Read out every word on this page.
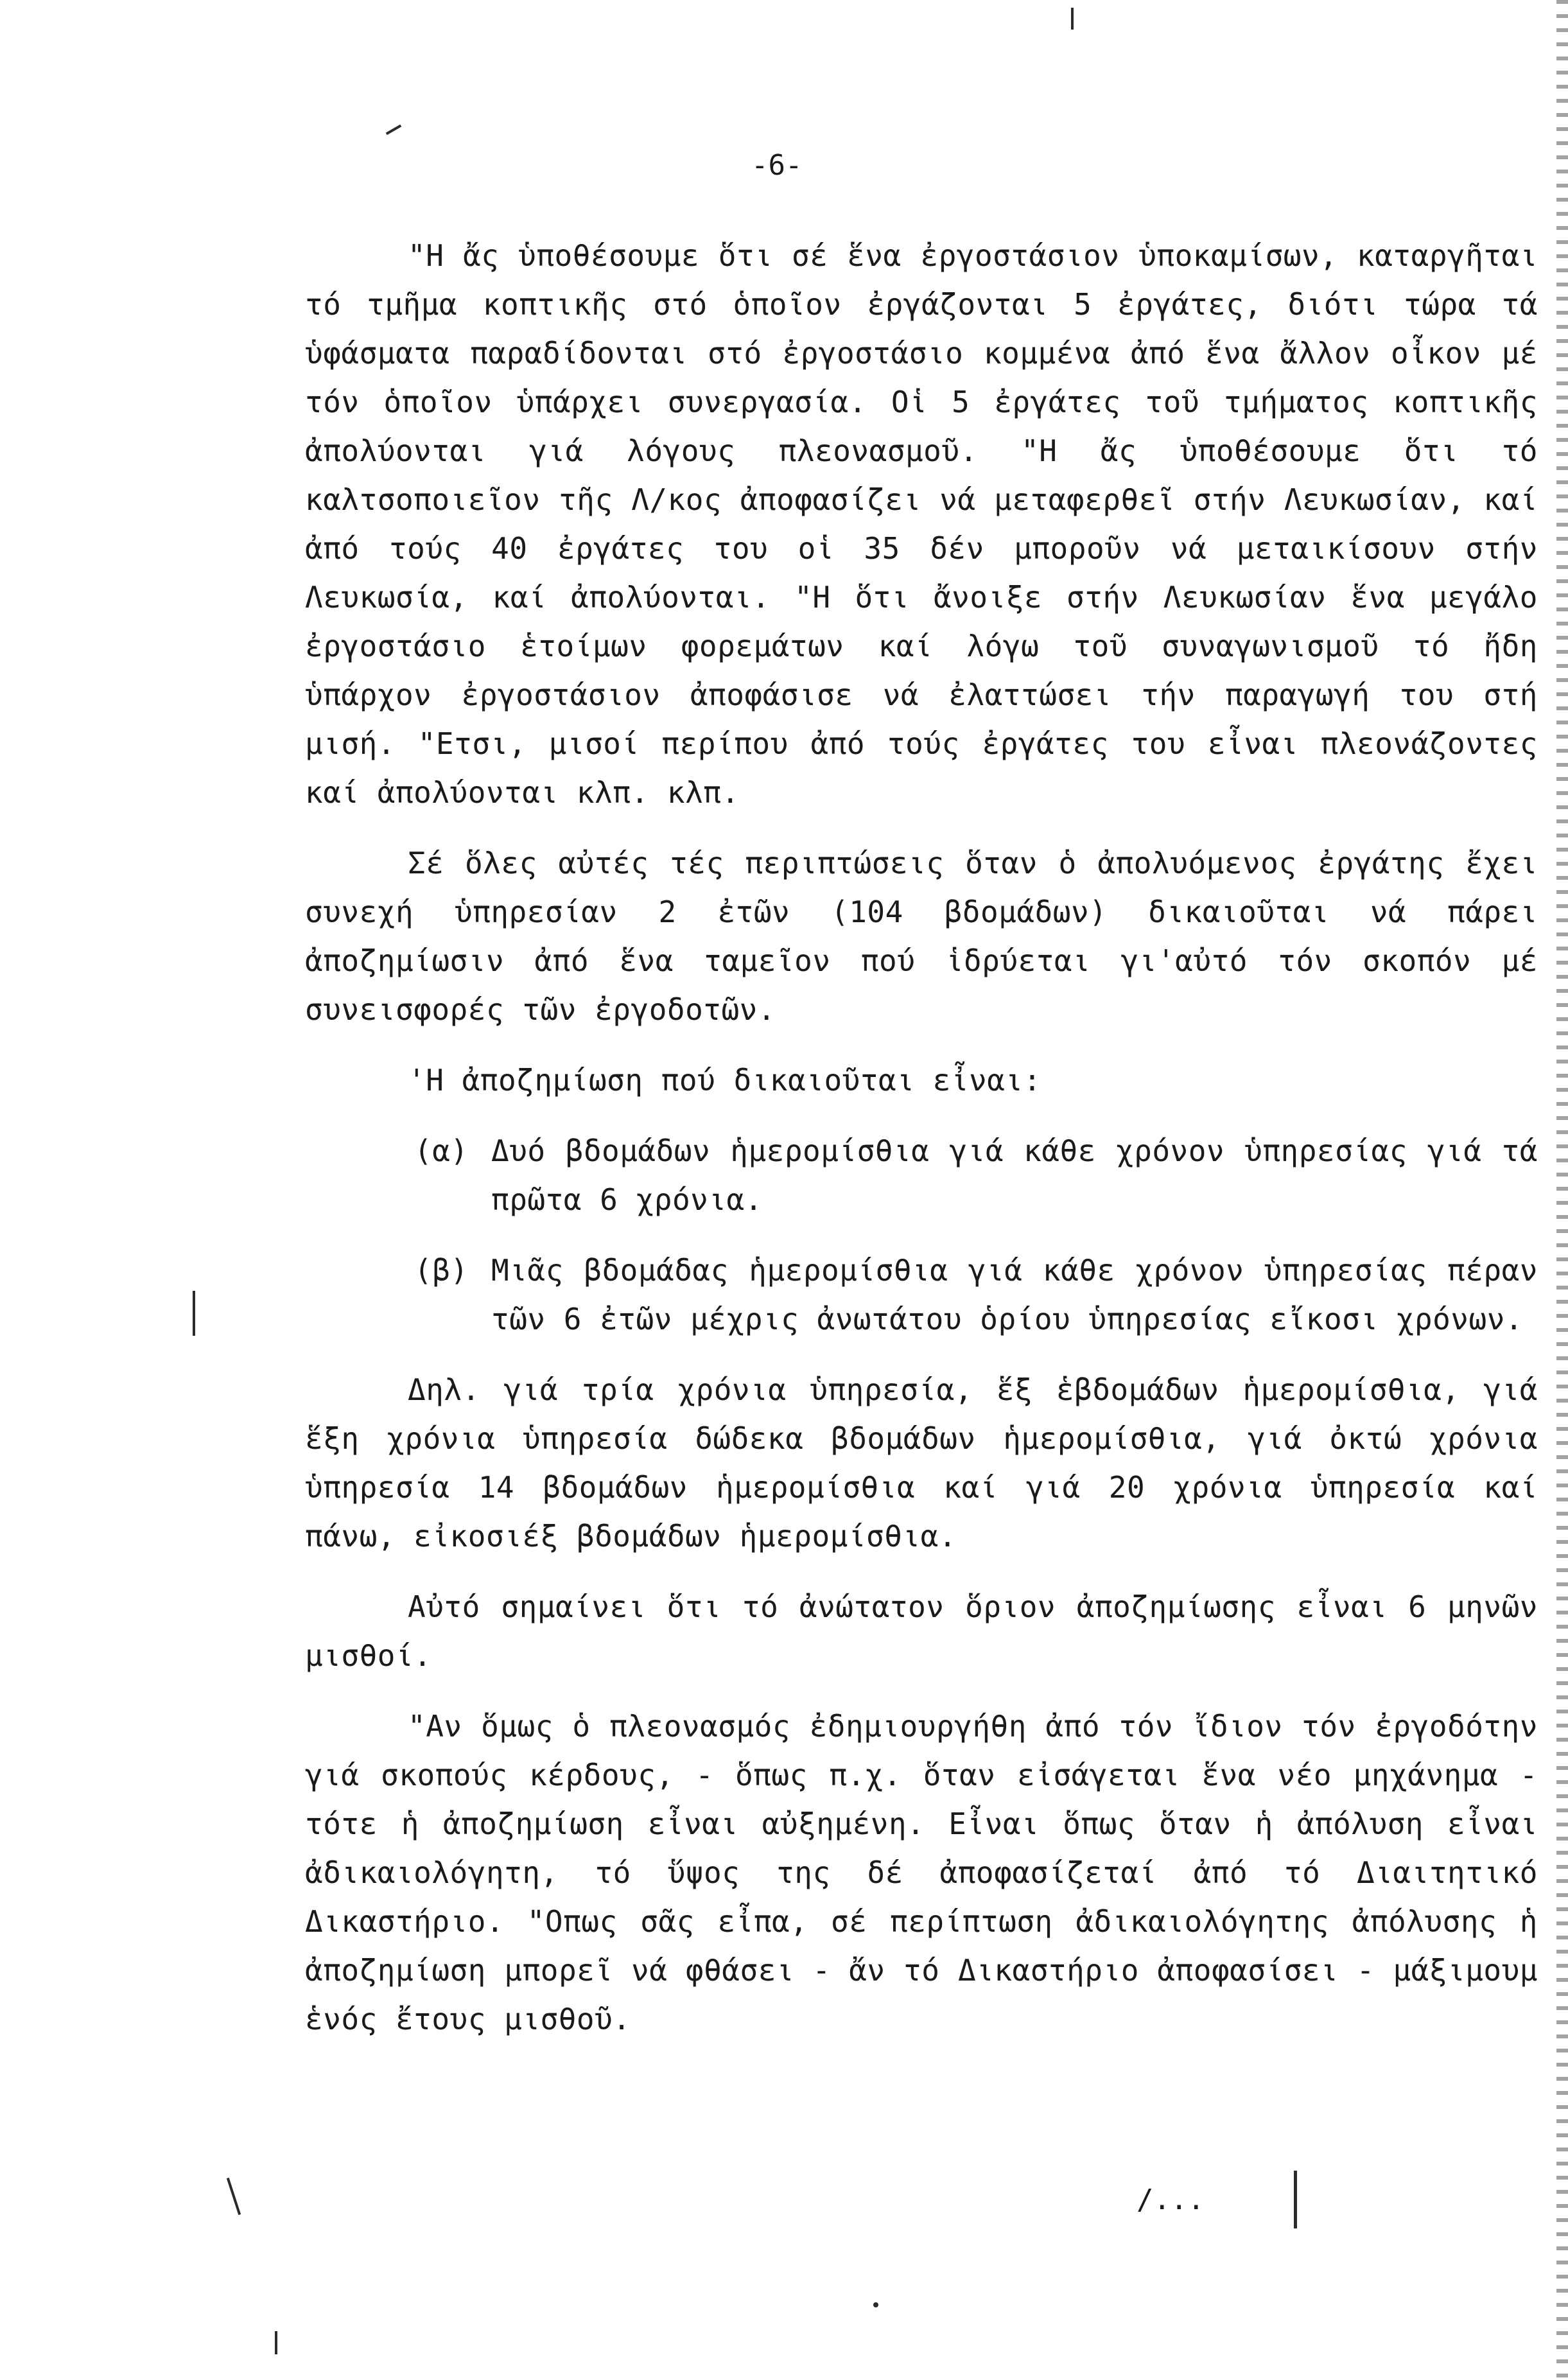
-6-

"Η ἄς ὑποθέσουμε ὅτι σέ ἕνα ἐργοστάσιον ὑποκαμίσων, καταργῆται τό τμῆμα κοπτικῆς στό ὁποῖον ἐργάζονται 5 ἐργάτες, διότι τώρα τά ὑφάσματα παραδίδονται στό ἐργοστάσιο κομμένα ἀπό ἕνα ἄλλον οἶκον μέ τόν ὁποῖον ὑπάρχει συνεργασία. Οἱ 5 ἐργάτες τοῦ τμήματος κοπτικῆς ἀπολύονται γιά λόγους πλεονασμοῦ. "Η ἄς ὑποθέσουμε ὅτι τό καλτσοποιεῖον τῆς Λ/κος ἀποφασίζει νά μεταφερθεῖ στήν Λευκωσίαν, καί ἀπό τούς 40 ἐργάτες του οἱ 35 δέν μποροῦν νά μεταικίσουν στήν Λευκωσία, καί ἀπολύονται. "Η ὅτι ἄνοιξε στήν Λευκωσίαν ἕνα μεγάλο ἐργοστάσιο ἑτοίμων φορεμάτων καί λόγω τοῦ συναγωνισμοῦ τό ἤδη ὑπάρχον ἐργοστάσιον ἀποφάσισε νά ἐλαττώσει τήν παραγωγή του στή μισή. "Ετσι, μισοί περίπου ἀπό τούς ἐργάτες του εἶναι πλεονάζοντες καί ἀπολύονται κλπ. κλπ.

Σέ ὅλες αὐτές τές περιπτώσεις ὅταν ὁ ἀπολυόμενος ἐργάτης ἔχει συνεχή ὑπηρεσίαν 2 ἐτῶν (104 βδομάδων) δικαιοῦται νά πάρει ἀποζημίωσιν ἀπό ἕνα ταμεῖον πού ἱδρύεται γι'αὐτό τόν σκοπόν μέ συνεισφορές τῶν ἐργοδοτῶν.

'Η ἀποζημίωση πού δικαιοῦται εἶναι:

(α) Δυό βδομάδων ἡμερομίσθια γιά κάθε χρόνον ὑπηρεσίας γιά τά πρῶτα 6 χρόνια.

(β) Μιᾶς βδομάδας ἡμερομίσθια γιά κάθε χρόνον ὑπηρεσίας πέραν τῶν 6 ἐτῶν μέχρις ἀνωτάτου ὁρίου ὑπηρεσίας εἴκοσι χρόνων.

Δηλ. γιά τρία χρόνια ὑπηρεσία, ἕξ ἑβδομάδων ἡμερομίσθια, γιά ἕξη χρόνια ὑπηρεσία δώδεκα βδομάδων ἡμερομίσθια, γιά ὀκτώ χρόνια ὑπηρεσία 14 βδομάδων ἡμερομίσθια καί γιά 20 χρόνια ὑπηρεσία καί πάνω, εἰκοσιέξ βδομάδων ἡμερομίσθια.

Αὐτό σημαίνει ὅτι τό ἀνώτατον ὅριον ἀποζημίωσης εἶναι 6 μηνῶν μισθοί.

"Αν ὅμως ὁ πλεονασμός ἐδημιουργήθη ἀπό τόν ἴδιον τόν ἐργοδότην γιά σκοπούς κέρδους, - ὅπως π.χ. ὅταν εἰσάγεται ἕνα νέο μηχάνημα - τότε ἡ ἀποζημίωση εἶναι αὐξημένη. Εἶναι ὅπως ὅταν ἡ ἀπόλυση εἶναι ἀδικαιολόγητη, τό ὕψος της δέ ἀποφασίζεταί ἀπό τό Διαιτητικό Δικαστήριο. "Οπως σᾶς εἶπα, σέ περίπτωση ἀδικαιολόγητης ἀπόλυσης ἡ ἀποζημίωση μπορεῖ νά φθάσει - ἄν τό Δικαστήριο ἀποφασίσει - μάξιμουμ ἑνός ἔτους μισθοῦ.

/...
